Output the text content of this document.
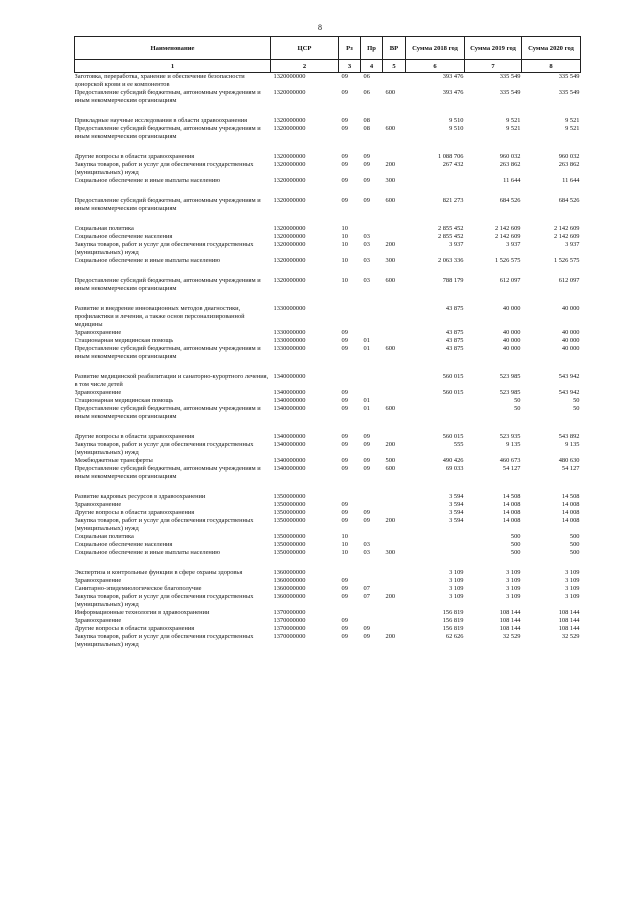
8
Наименование	ЦСР	Рз	Пр	ВР	Сумма 2018 год	Сумма 2019 год	Сумма 2020 год
1	2	3	4	5	6	7	8
Заготовка, переработка, хранение и обеспечение безопасности донорской крови и ее компонентов	1320000000	09	06		393 476	335 549	335 549
Предоставление субсидий бюджетным, автономным учреждениям и иным некоммерческим организациям	1320000000	09	06	600	393 476	335 549	335 549

Прикладные научные исследования в области здравоохранения	1320000000	09	08		9 510	9 521	9 521
Предоставление субсидий бюджетным, автономным учреждениям и иным некоммерческим организациям	1320000000	09	08	600	9 510	9 521	9 521

Другие вопросы в области здравоохранения	1320000000	09	09		1 088 706	960 032	960 032
Закупка товаров, работ и услуг для обеспечения государственных (муниципальных) нужд	1320000000	09	09	200	267 432	263 862	263 862
Социальное обеспечение и иные выплаты населению	1320000000	09	09	300		11 644	11 644

Предоставление субсидий бюджетным, автономным учреждениям и иным некоммерческим организациям	1320000000	09	09	600	821 273	684 526	684 526

Социальная политика	1320000000	10			2 855 452	2 142 609	2 142 609
Социальное обеспечение населения	1320000000	10	03		2 855 452	2 142 609	2 142 609
Закупка товаров, работ и услуг для обеспечения государственных (муниципальных) нужд	1320000000	10	03	200	3 937	3 937	3 937
Социальное обеспечение и иные выплаты населению	1320000000	10	03	300	2 063 336	1 526 575	1 526 575

Предоставление субсидий бюджетным, автономным учреждениям и иным некоммерческим организациям	1320000000	10	03	600	788 179	612 097	612 097

Развитие и внедрение инновационных методов диагностики, профилактики и лечения, а также основ персонализированной медицины	1330000000				43 875	40 000	40 000
Здравоохранение	1330000000	09			43 875	40 000	40 000
Стационарная медицинская помощь	1330000000	09	01		43 875	40 000	40 000
Предоставление субсидий бюджетным, автономным учреждениям и иным некоммерческим организациям	1330000000	09	01	600	43 875	40 000	40 000

Развитие медицинской реабилитации и санаторно-курортного лечения, в том числе детей	1340000000				560 015	523 985	543 942
Здравоохранение	1340000000	09			560 015	523 985	543 942
Стационарная медицинская помощь	1340000000	09	01			50	50
Предоставление субсидий бюджетным, автономным учреждениям и иным некоммерческим организациям	1340000000	09	01	600		50	50

Другие вопросы в области здравоохранения	1340000000	09	09		560 015	523 935	543 892
Закупка товаров, работ и услуг для обеспечения государственных (муниципальных) нужд	1340000000	09	09	200	555	9 135	9 135
Межбюджетные трансферты	1340000000	09	09	500	490 426	460 673	480 630
Предоставление субсидий бюджетным, автономным учреждениям и иным некоммерческим организациям	1340000000	09	09	600	69 033	54 127	54 127

Развитие кадровых ресурсов в здравоохранении	1350000000				3 594	14 508	14 508
Здравоохранение	1350000000	09			3 594	14 008	14 008
Другие вопросы в области здравоохранения	1350000000	09	09		3 594	14 008	14 008
Закупка товаров, работ и услуг для обеспечения государственных (муниципальных) нужд	1350000000	09	09	200	3 594	14 008	14 008
Социальная политика	1350000000	10				500	500
Социальное обеспечение населения	1350000000	10	03			500	500
Социальное обеспечение и иные выплаты населению	1350000000	10	03	300		500	500

Экспертиза и контрольные функции в сфере охраны здоровья	1360000000				3 109	3 109	3 109
Здравоохранение	1360000000	09			3 109	3 109	3 109
Санитарно-эпидемиологическое благополучие	1360000000	09	07		3 109	3 109	3 109
Закупка товаров, работ и услуг для обеспечения государственных (муниципальных) нужд	1360000000	09	07	200	3 109	3 109	3 109
Информационные технологии в здравоохранении	1370000000				156 819	108 144	108 144
Здравоохранение	1370000000	09			156 819	108 144	108 144
Другие вопросы в области здравоохранения	1370000000	09	09		156 819	108 144	108 144
Закупка товаров, работ и услуг для обеспечения государственных (муниципальных) нужд	1370000000	09	09	200	62 626	32 529	32 529
